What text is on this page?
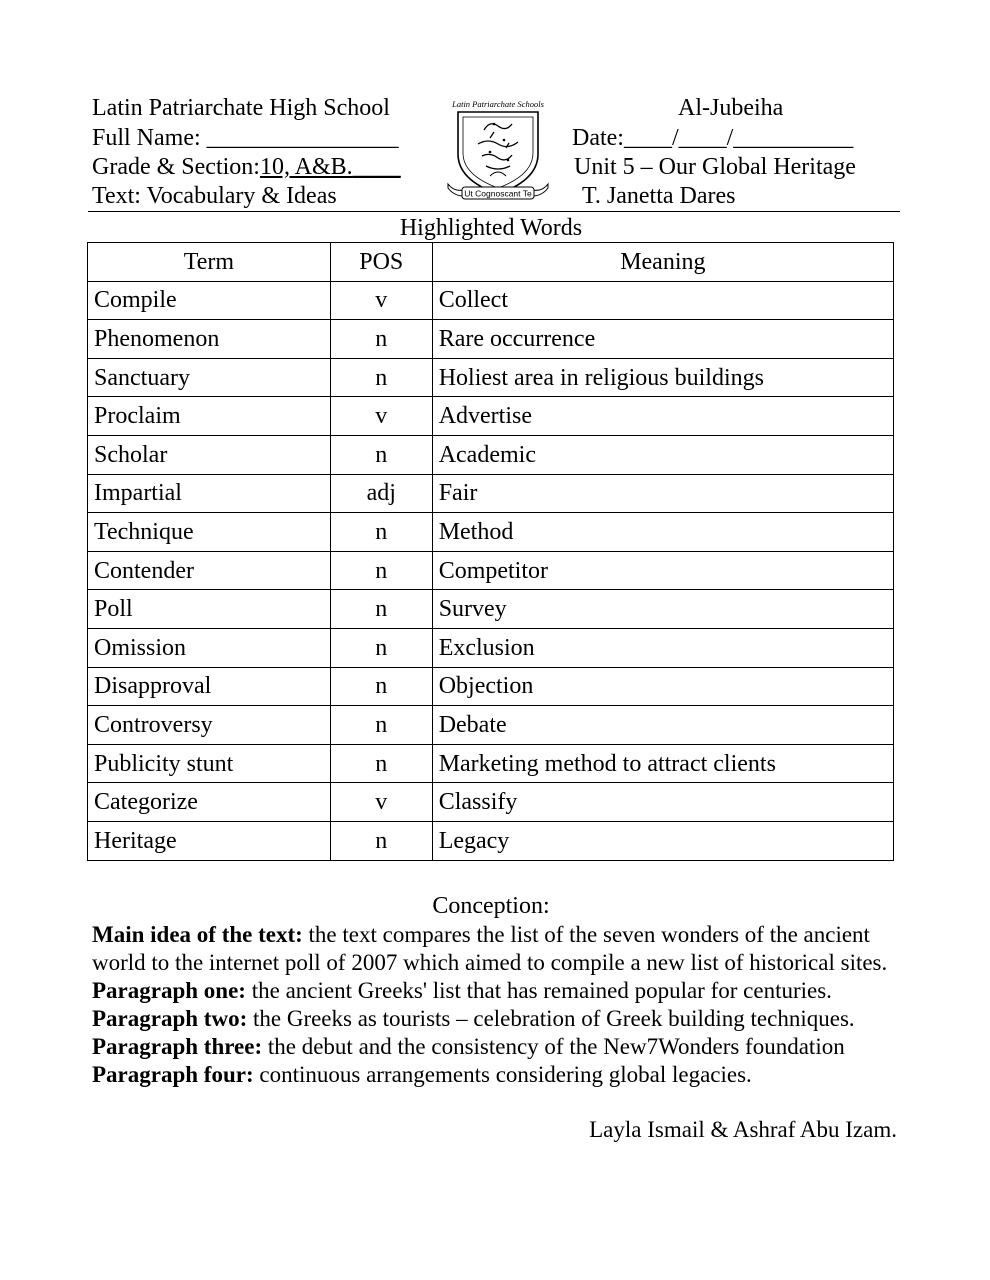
Latin Patriarchate High School
Full Name: ________________
Grade & Section:10, A&B.____
Text: Vocabulary & Ideas
Al-Jubeiha
Date:____/____/__________
Unit 5 – Our Global Heritage
T. Janetta Dares
Latin Patriarchate Schools
Ut Cognoscant Te
Highlighted Words
Term	POS	Meaning
Compile	v	Collect
Phenomenon	n	Rare occurrence
Sanctuary	n	Holiest area in religious buildings
Proclaim	v	Advertise
Scholar	n	Academic
Impartial	adj	Fair
Technique	n	Method
Contender	n	Competitor
Poll	n	Survey
Omission	n	Exclusion
Disapproval	n	Objection
Controversy	n	Debate
Publicity stunt	n	Marketing method to attract clients
Categorize	v	Classify
Heritage	n	Legacy
Conception:

Main idea of the text: the text compares the list of the seven wonders of the ancient world to the internet poll of 2007 which aimed to compile a new list of historical sites.

Paragraph one: the ancient Greeks' list that has remained popular for centuries.

Paragraph two: the Greeks as tourists – celebration of Greek building techniques.

Paragraph three: the debut and the consistency of the New7Wonders foundation

Paragraph four: continuous arrangements considering global legacies.

Layla Ismail & Ashraf Abu Izam.
